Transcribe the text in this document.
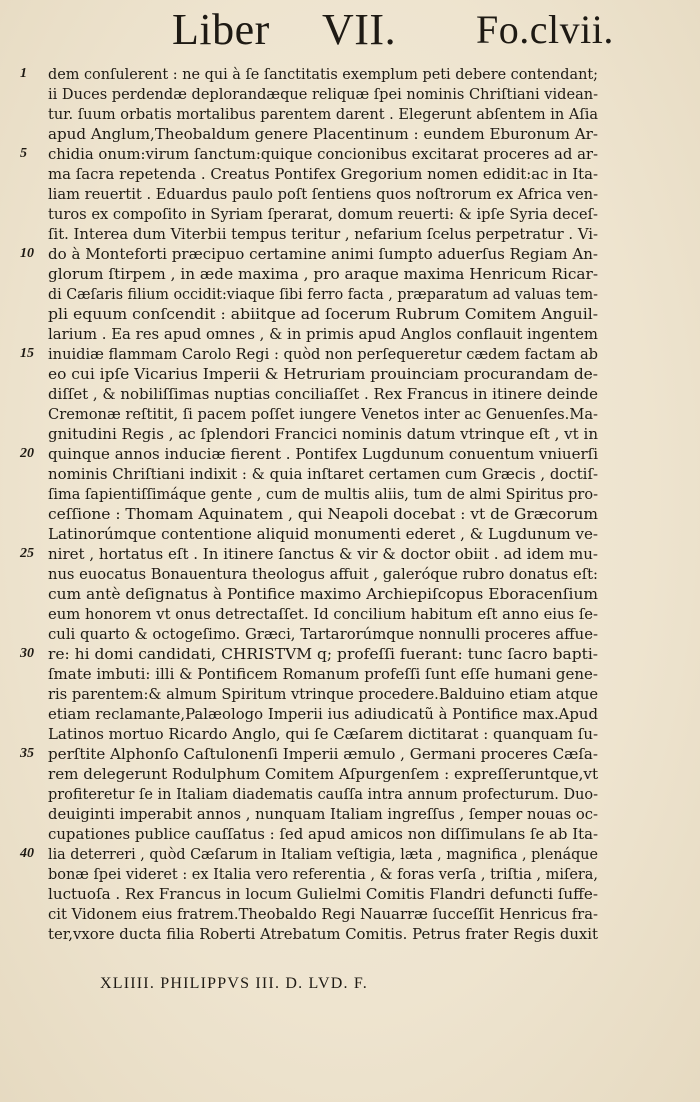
Liber VII. Fo.clvii.
1	dem conſulerent : ne qui à ſe ſanctitatis exemplum peti debere contendant;
ii Duces perdendæ deplorandæque reliquæ ſpei nominis Chriſtiani videan-
tur. ſuum orbatis mortalibus parentem darent . Elegerunt abſentem in Aſia
apud Anglum,Theobaldum genere Placentinum : eundem Eburonum Ar-
5	chidia onum:virum ſanctum:quique concionibus excitarat proceres ad ar-
ma ſacra repetenda . Creatus Pontifex Gregorium nomen edidit:ac in Ita-
liam reuertit . Eduardus paulo poſt ſentiens quos noſtrorum ex Africa ven-
turos ex compoſito in Syriam ſperarat, domum reuerti: & ipſe Syria deceſ-
ſit. Interea dum Viterbii tempus teritur , nefarium ſcelus perpetratur . Vi-
10 do à Monteforti præcipuo certamine animi ſumpto aduerſus Regiam An-
glorum ſtirpem , in æde maxima , pro araque maxima Henricum Ricar-
di Cæſaris filium occidit:viaque ſibi ferro facta , præparatum ad valuas tem-
pli equum conſcendit : abiitque ad ſocerum Rubrum Comitem Anguil-
larium . Ea res apud omnes , & in primis apud Anglos conflauit ingentem
15 inuidiæ flammam Carolo Regi : quòd non perſequeretur cædem factam ab
eo cui ipſe Vicarius Imperii & Hetruriam prouinciam procurandam de-
diſſet , & nobiliſſimas nuptias conciliaſſet . Rex Francus in itinere deinde
Cremonæ reſtitit, ſi pacem poſſet iungere Venetos inter ac Genuenſes.Ma-
gnitudini Regis , ac ſplendori Francici nominis datum vtrinque eſt , vt in
20 quinque annos induciæ fierent . Pontifex Lugdunum conuentum vniuerſi
nominis Chriſtiani indixit : & quia inſtaret certamen cum Græcis , doctiſ-
ſima ſapientiſſimáque gente , cum de multis aliis, tum de almi Spiritus pro-
ceſſione : Thomam Aquinatem , qui Neapoli docebat : vt de Græcorum
Latinorúmque contentione aliquid monumenti ederet , & Lugdunum ve-
25 niret , hortatus eſt . In itinere ſanctus & vir & doctor obiit . ad idem mu-
nus euocatus Bonauentura theologus affuit , galeróque rubro donatus eſt:
cum antè deſignatus à Pontifice maximo Archiepiſcopus Eboracenſium
eum honorem vt onus detrectaſſet. Id concilium habitum eſt anno eius ſe-
culi quarto & octogeſimo. Græci, Tartarorúmque nonnulli proceres affue-
30 re: hi domi candidati, CHRISTVM q; profeſſi fuerant: tunc ſacro bapti-
ſmate imbuti: illi & Pontificem Romanum profeſſi ſunt eſſe humani gene-
ris parentem:& almum Spiritum vtrinque procedere.Balduino etiam atque
etiam reclamante,Palæologo Imperii ius adiudicatũ à Pontifice max.Apud
Latinos mortuo Ricardo Anglo, qui ſe Cæſarem dictitarat : quanquam ſu-
35 perſtite Alphonſo Caſtulonenſi Imperii æmulo , Germani proceres Cæſa-
rem delegerunt Rodulphum Comitem Aſpurgenſem : expreſſeruntque,vt
profiteretur ſe in Italiam diadematis cauſſa intra annum profecturum. Duo-
deuiginti imperabit annos , nunquam Italiam ingreſſus , ſemper nouas oc-
cupationes publice cauſſatus : ſed apud amicos non diſſimulans ſe ab Ita-
40 lia deterreri , quòd Cæſarum in Italiam veſtigia, læta , magnifica , plenáque
bonæ ſpei videret : ex Italia vero referentia , & foras verſa , triſtia , miſera,
luctuoſa . Rex Francus in locum Gulielmi Comitis Flandri defuncti ſuffe-
cit Vidonem eius fratrem.Theobaldo Regi Nauarræ ſucceſſit Henricus fra-
ter,vxore ducta filia Roberti Atrebatum Comitis. Petrus frater Regis duxit
XLIIII. PHILIPPVS III. D. LVD. F.
